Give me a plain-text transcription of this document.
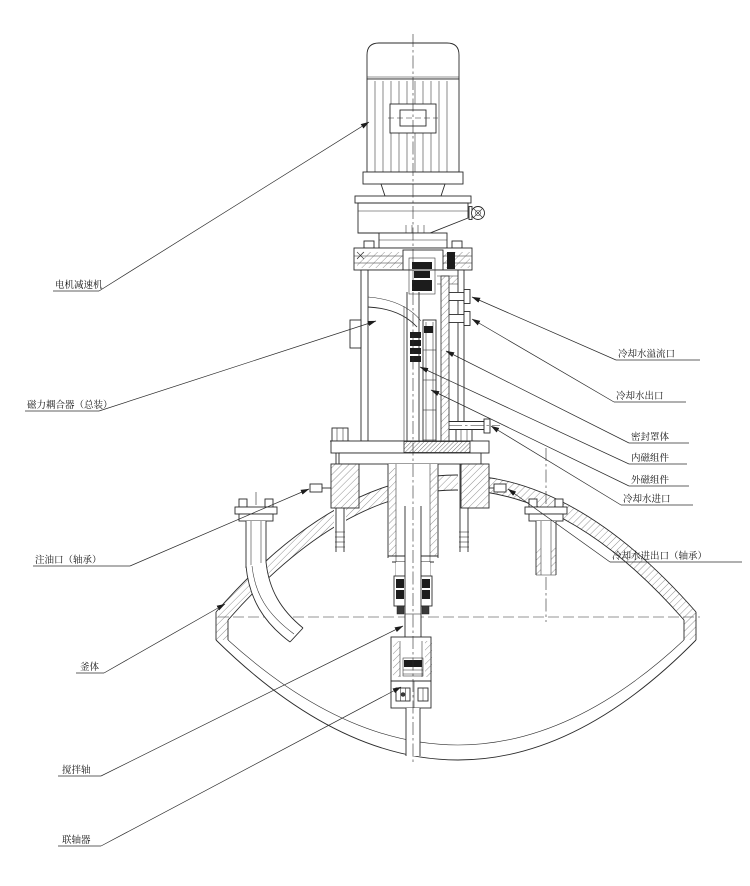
电机减速机
磁力耦合器（总装）
冷却水溢流口
冷却水出口
密封罩体
内磁组件
外磁组件
冷却水进口
冷却水进出口（轴承）
注油口（轴承）
釜体
搅拌轴
联轴器
